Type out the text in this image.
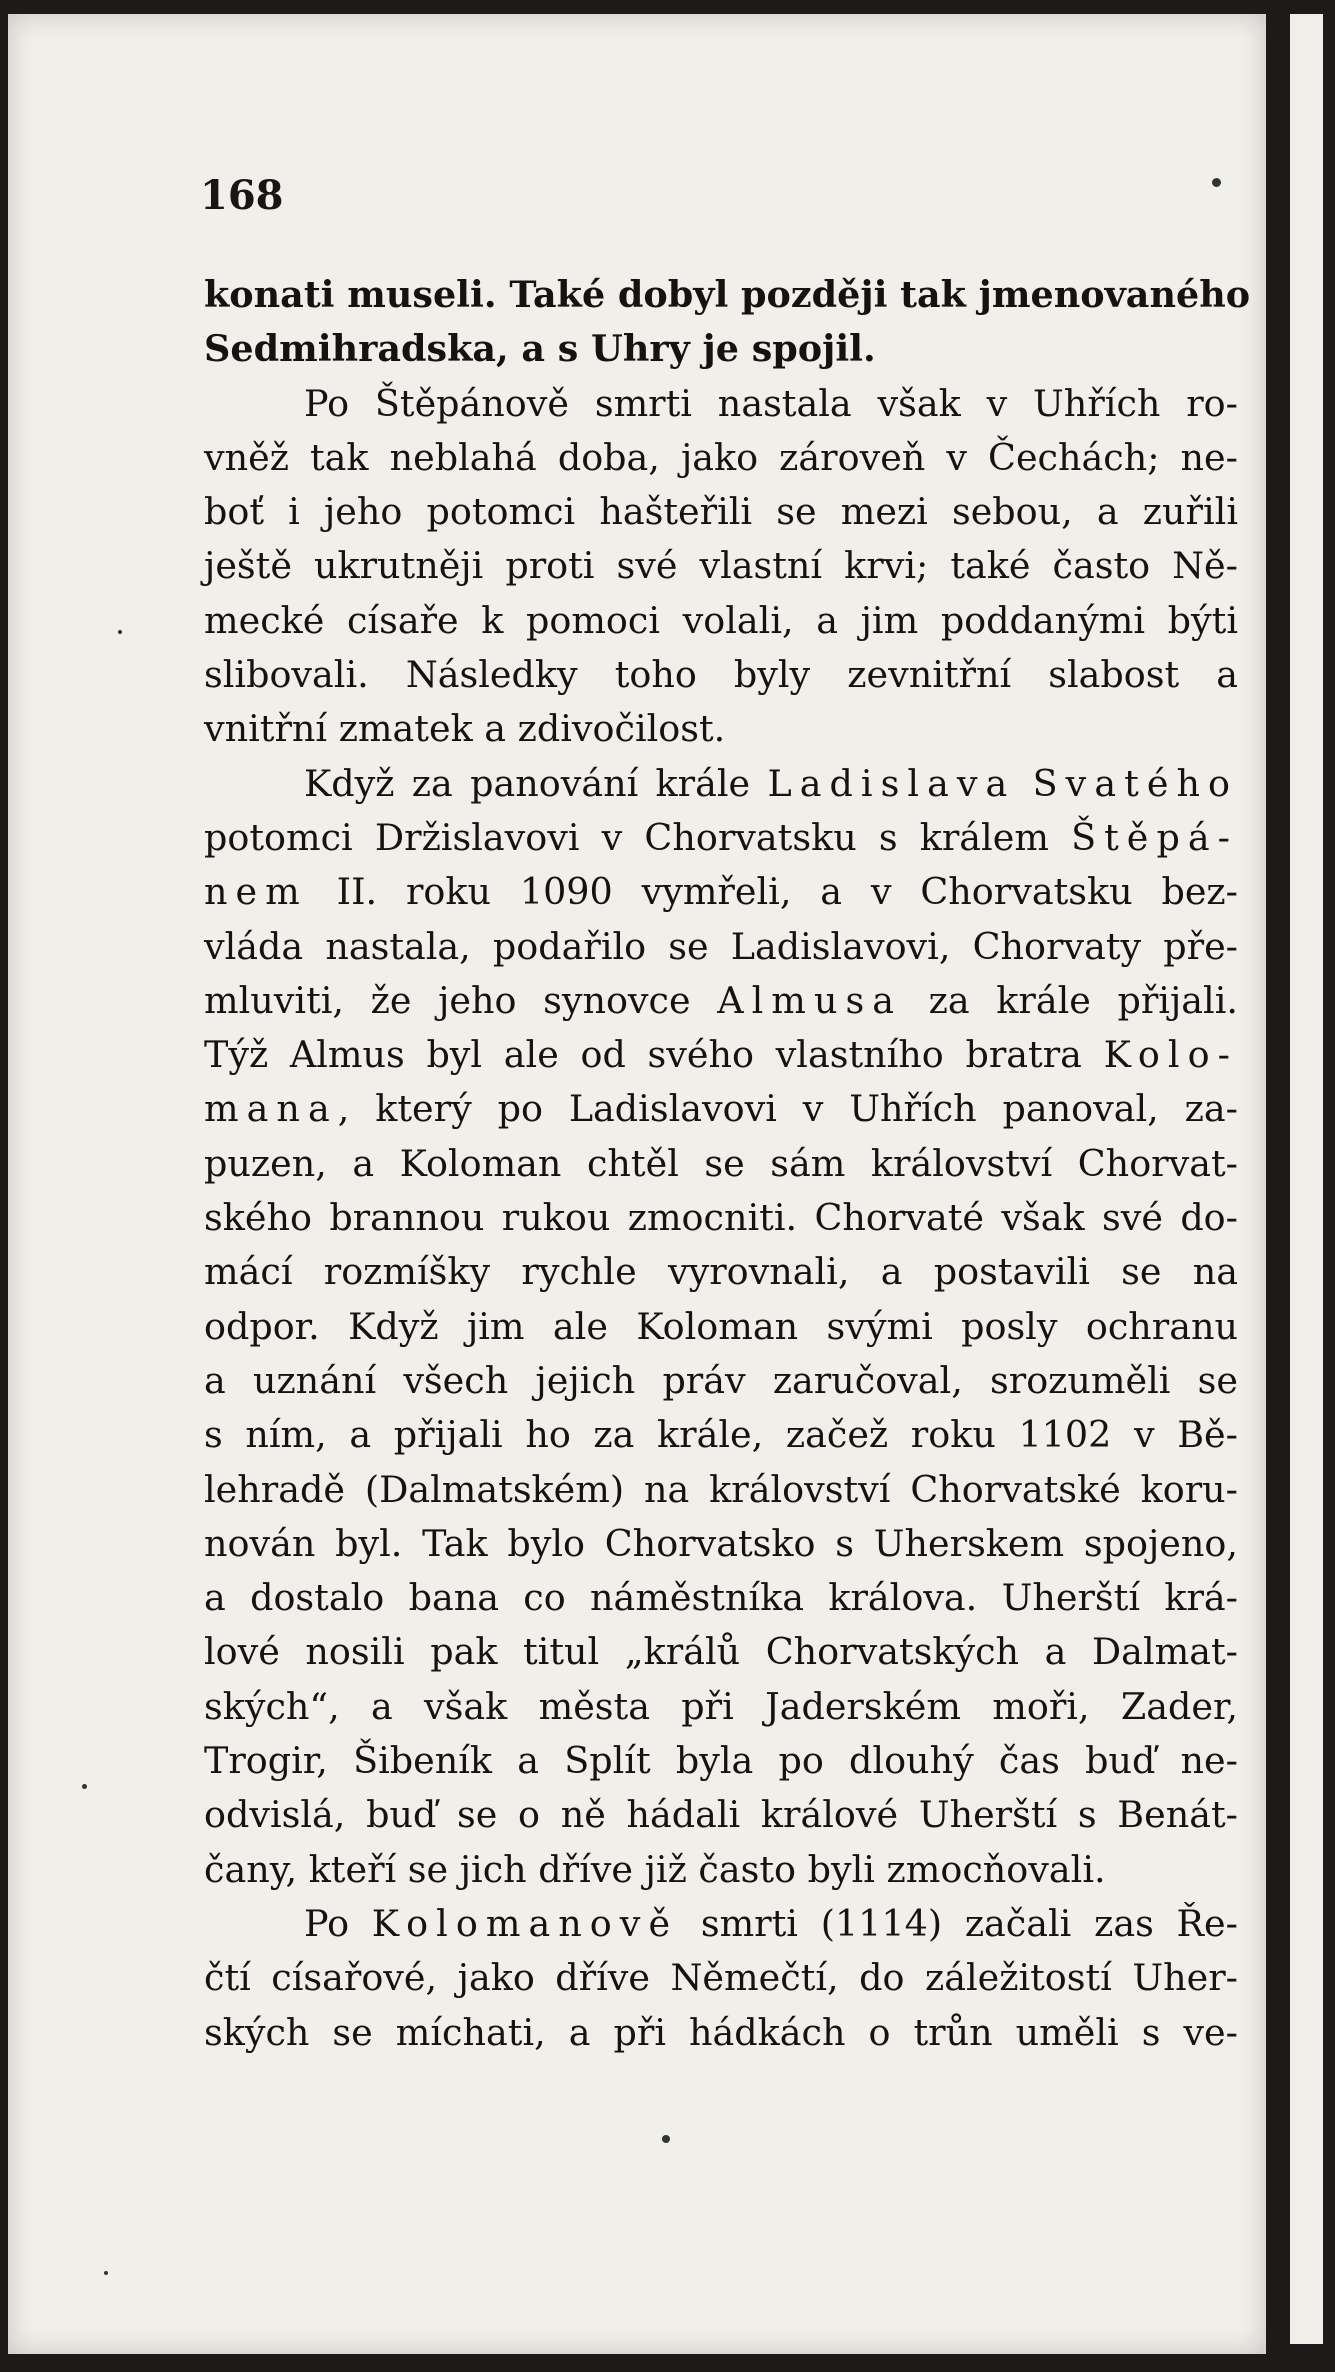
168
konati museli. Také dobyl později tak jmenovaného
Sedmihradska, a s Uhry je spojil.
Po Štěpánově smrti nastala však v Uhřích ro-
vněž tak neblahá doba, jako zároveň v Čechách; ne-
boť i jeho potomci hašteřili se mezi sebou, a zuřili
ještě ukrutněji proti své vlastní krvi; také často Ně-
mecké císaře k pomoci volali, a jim poddanými býti
slibovali. Následky toho byly zevnitřní slabost a
vnitřní zmatek a zdivočilost.
Když za panování krále Ladislava Svatého
potomci Držislavovi v Chorvatsku s králem Štěpá-
nem II. roku 1090 vymřeli, a v Chorvatsku bez-
vláda nastala, podařilo se Ladislavovi, Chorvaty pře-
mluviti, že jeho synovce Almusa za krále přijali.
Týž Almus byl ale od svého vlastního bratra Kolo-
mana, který po Ladislavovi v Uhřích panoval, za-
puzen, a Koloman chtěl se sám království Chorvat-
ského brannou rukou zmocniti. Chorvaté však své do-
mácí rozmíšky rychle vyrovnali, a postavili se na
odpor. Když jim ale Koloman svými posly ochranu
a uznání všech jejich práv zaručoval, srozuměli se
s ním, a přijali ho za krále, začež roku 1102 v Bě-
lehradě (Dalmatském) na království Chorvatské koru-
nován byl. Tak bylo Chorvatsko s Uherskem spojeno,
a dostalo bana co náměstníka králova. Uherští krá-
lové nosili pak titul „králů Chorvatských a Dalmat-
ských“, a však města při Jaderském moři, Zader,
Trogir, Šibeník a Splít byla po dlouhý čas buď ne-
odvislá, buď se o ně hádali králové Uherští s Benát-
čany, kteří se jich dříve již často byli zmocňovali.
Po Kolomanově smrti (1114) začali zas Ře-
čtí císařové, jako dříve Němečtí, do záležitostí Uher-
ských se míchati, a při hádkách o trůn uměli s ve-
